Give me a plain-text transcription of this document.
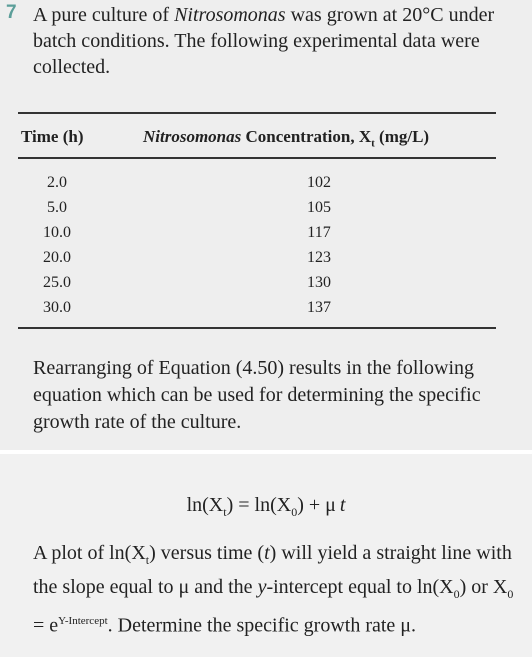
7 A pure culture of Nitrosomonas was grown at 20°C under batch conditions. The following experimental data were collected.
Time (h)	Nitrosomonas Concentration, $X_t$ (mg/L)
2.0	102
5.0	105
10.0	117
20.0	123
25.0	130
30.0	137
Rearranging of Equation (4.50) results in the following equation which can be used for determining the specific growth rate of the culture.
$\ln(X_t) = \ln(X_0) + \mu$  t
A plot of $\ln(X_t)$ versus time (t) will yield a straight line with the slope equal to μ and the y-intercept equal to $\ln(X_0)$ or $X_0 = e^{Y-Intercept}$. Determine the specific growth rate μ.
